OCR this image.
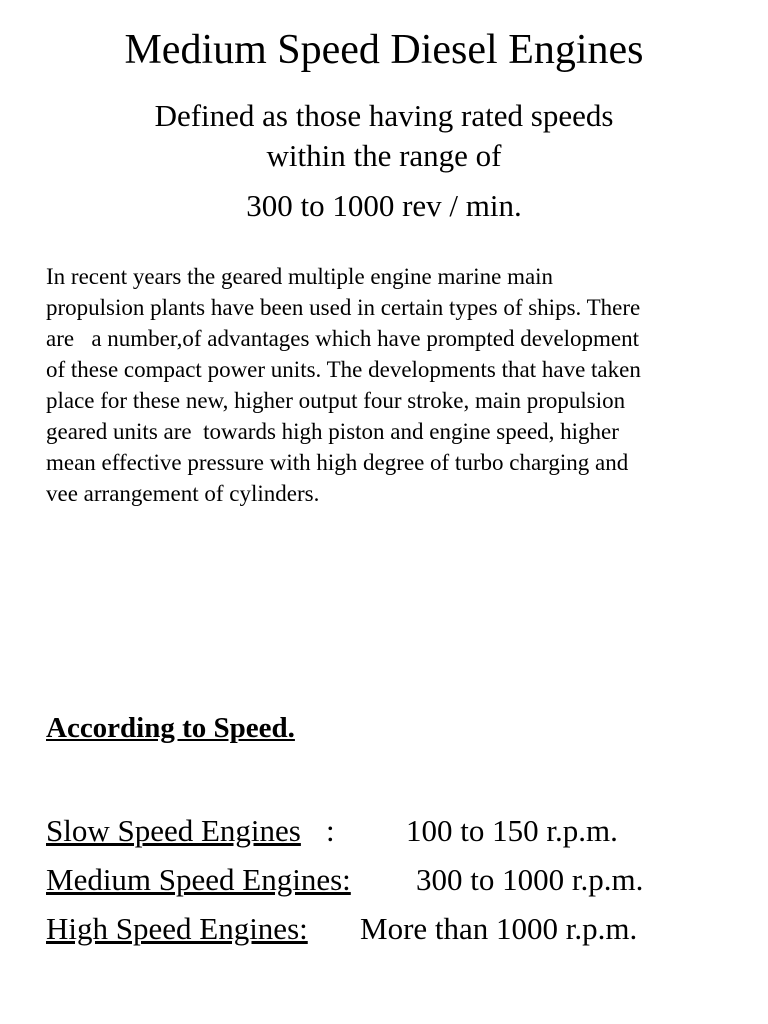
Medium Speed Diesel Engines
Defined as those having rated speeds
within the range of
300 to 1000 rev / min.
In recent years the geared multiple engine marine main
propulsion plants have been used in certain types of ships. There
are   a number,of advantages which have prompted development
of these compact power units. The developments that have taken
place for these new, higher output four stroke, main propulsion
geared units are  towards high piston and engine speed, higher
mean effective pressure with high degree of turbo charging and
vee arrangement of cylinders.
According to Speed.
Slow Speed Engines : 100 to 150 r.p.m.
Medium Speed Engines: 300 to 1000 r.p.m.
High Speed Engines: More than 1000 r.p.m.
